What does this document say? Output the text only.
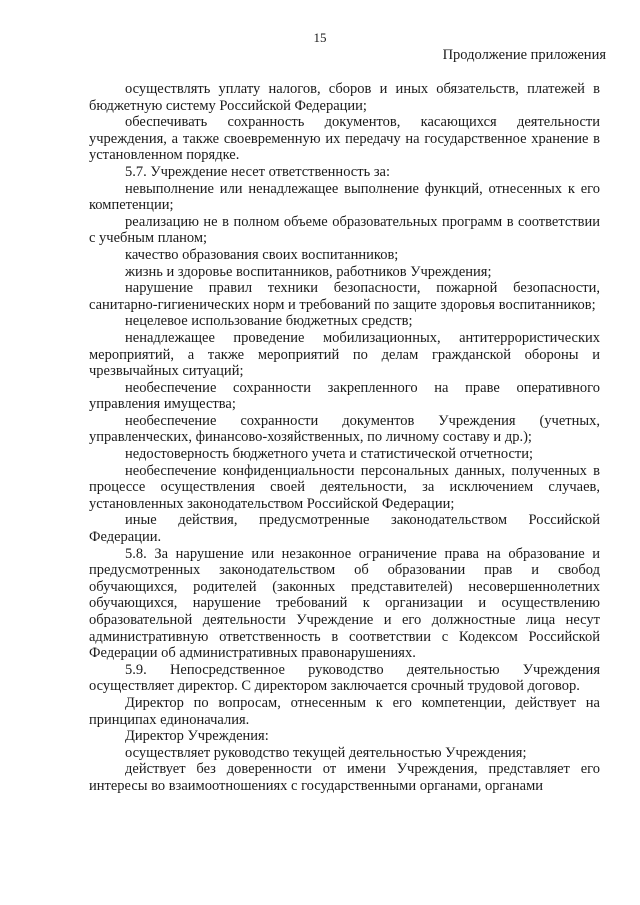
15
Продолжение приложения

осуществлять уплату налогов, сборов и иных обязательств, платежей в бюджетную систему Российской Федерации;

обеспечивать сохранность документов, касающихся деятельности учреждения, а также своевременную их передачу на государственное хранение в установленном порядке.

5.7. Учреждение несет ответственность за:

невыполнение или ненадлежащее выполнение функций, отнесенных к его компетенции;

реализацию не в полном объеме образовательных программ в соответствии с учебным планом;

качество образования своих воспитанников;

жизнь и здоровье воспитанников, работников Учреждения;

нарушение правил техники безопасности, пожарной безопасности, санитарно-гигиенических норм и требований по защите здоровья воспитанников;

нецелевое использование бюджетных средств;

ненадлежащее проведение мобилизационных, антитеррористических мероприятий, а также мероприятий по делам гражданской обороны и чрезвычайных ситуаций;

необеспечение сохранности закрепленного на праве оперативного управления имущества;

необеспечение сохранности документов Учреждения (учетных, управленческих, финансово-хозяйственных, по личному составу и др.);

недостоверность бюджетного учета и статистической отчетности;

необеспечение конфиденциальности персональных данных, полученных в процессе осуществления своей деятельности, за исключением случаев, установленных законодательством Российской Федерации;

иные действия, предусмотренные законодательством Российской Федерации.

5.8. За нарушение или незаконное ограничение права на образование и предусмотренных законодательством об образовании прав и свобод обучающихся, родителей (законных представителей) несовершеннолетних обучающихся, нарушение требований к организации и осуществлению образовательной деятельности Учреждение и его должностные лица несут административную ответственность в соответствии с Кодексом Российской Федерации об административных правонарушениях.

5.9. Непосредственное руководство деятельностью Учреждения осуществляет директор. С директором заключается срочный трудовой договор.

Директор по вопросам, отнесенным к его компетенции, действует на принципах единоначалия.

Директор Учреждения:

осуществляет руководство текущей деятельностью Учреждения;

действует без доверенности от имени Учреждения, представляет его интересы во взаимоотношениях с государственными органами, органами
